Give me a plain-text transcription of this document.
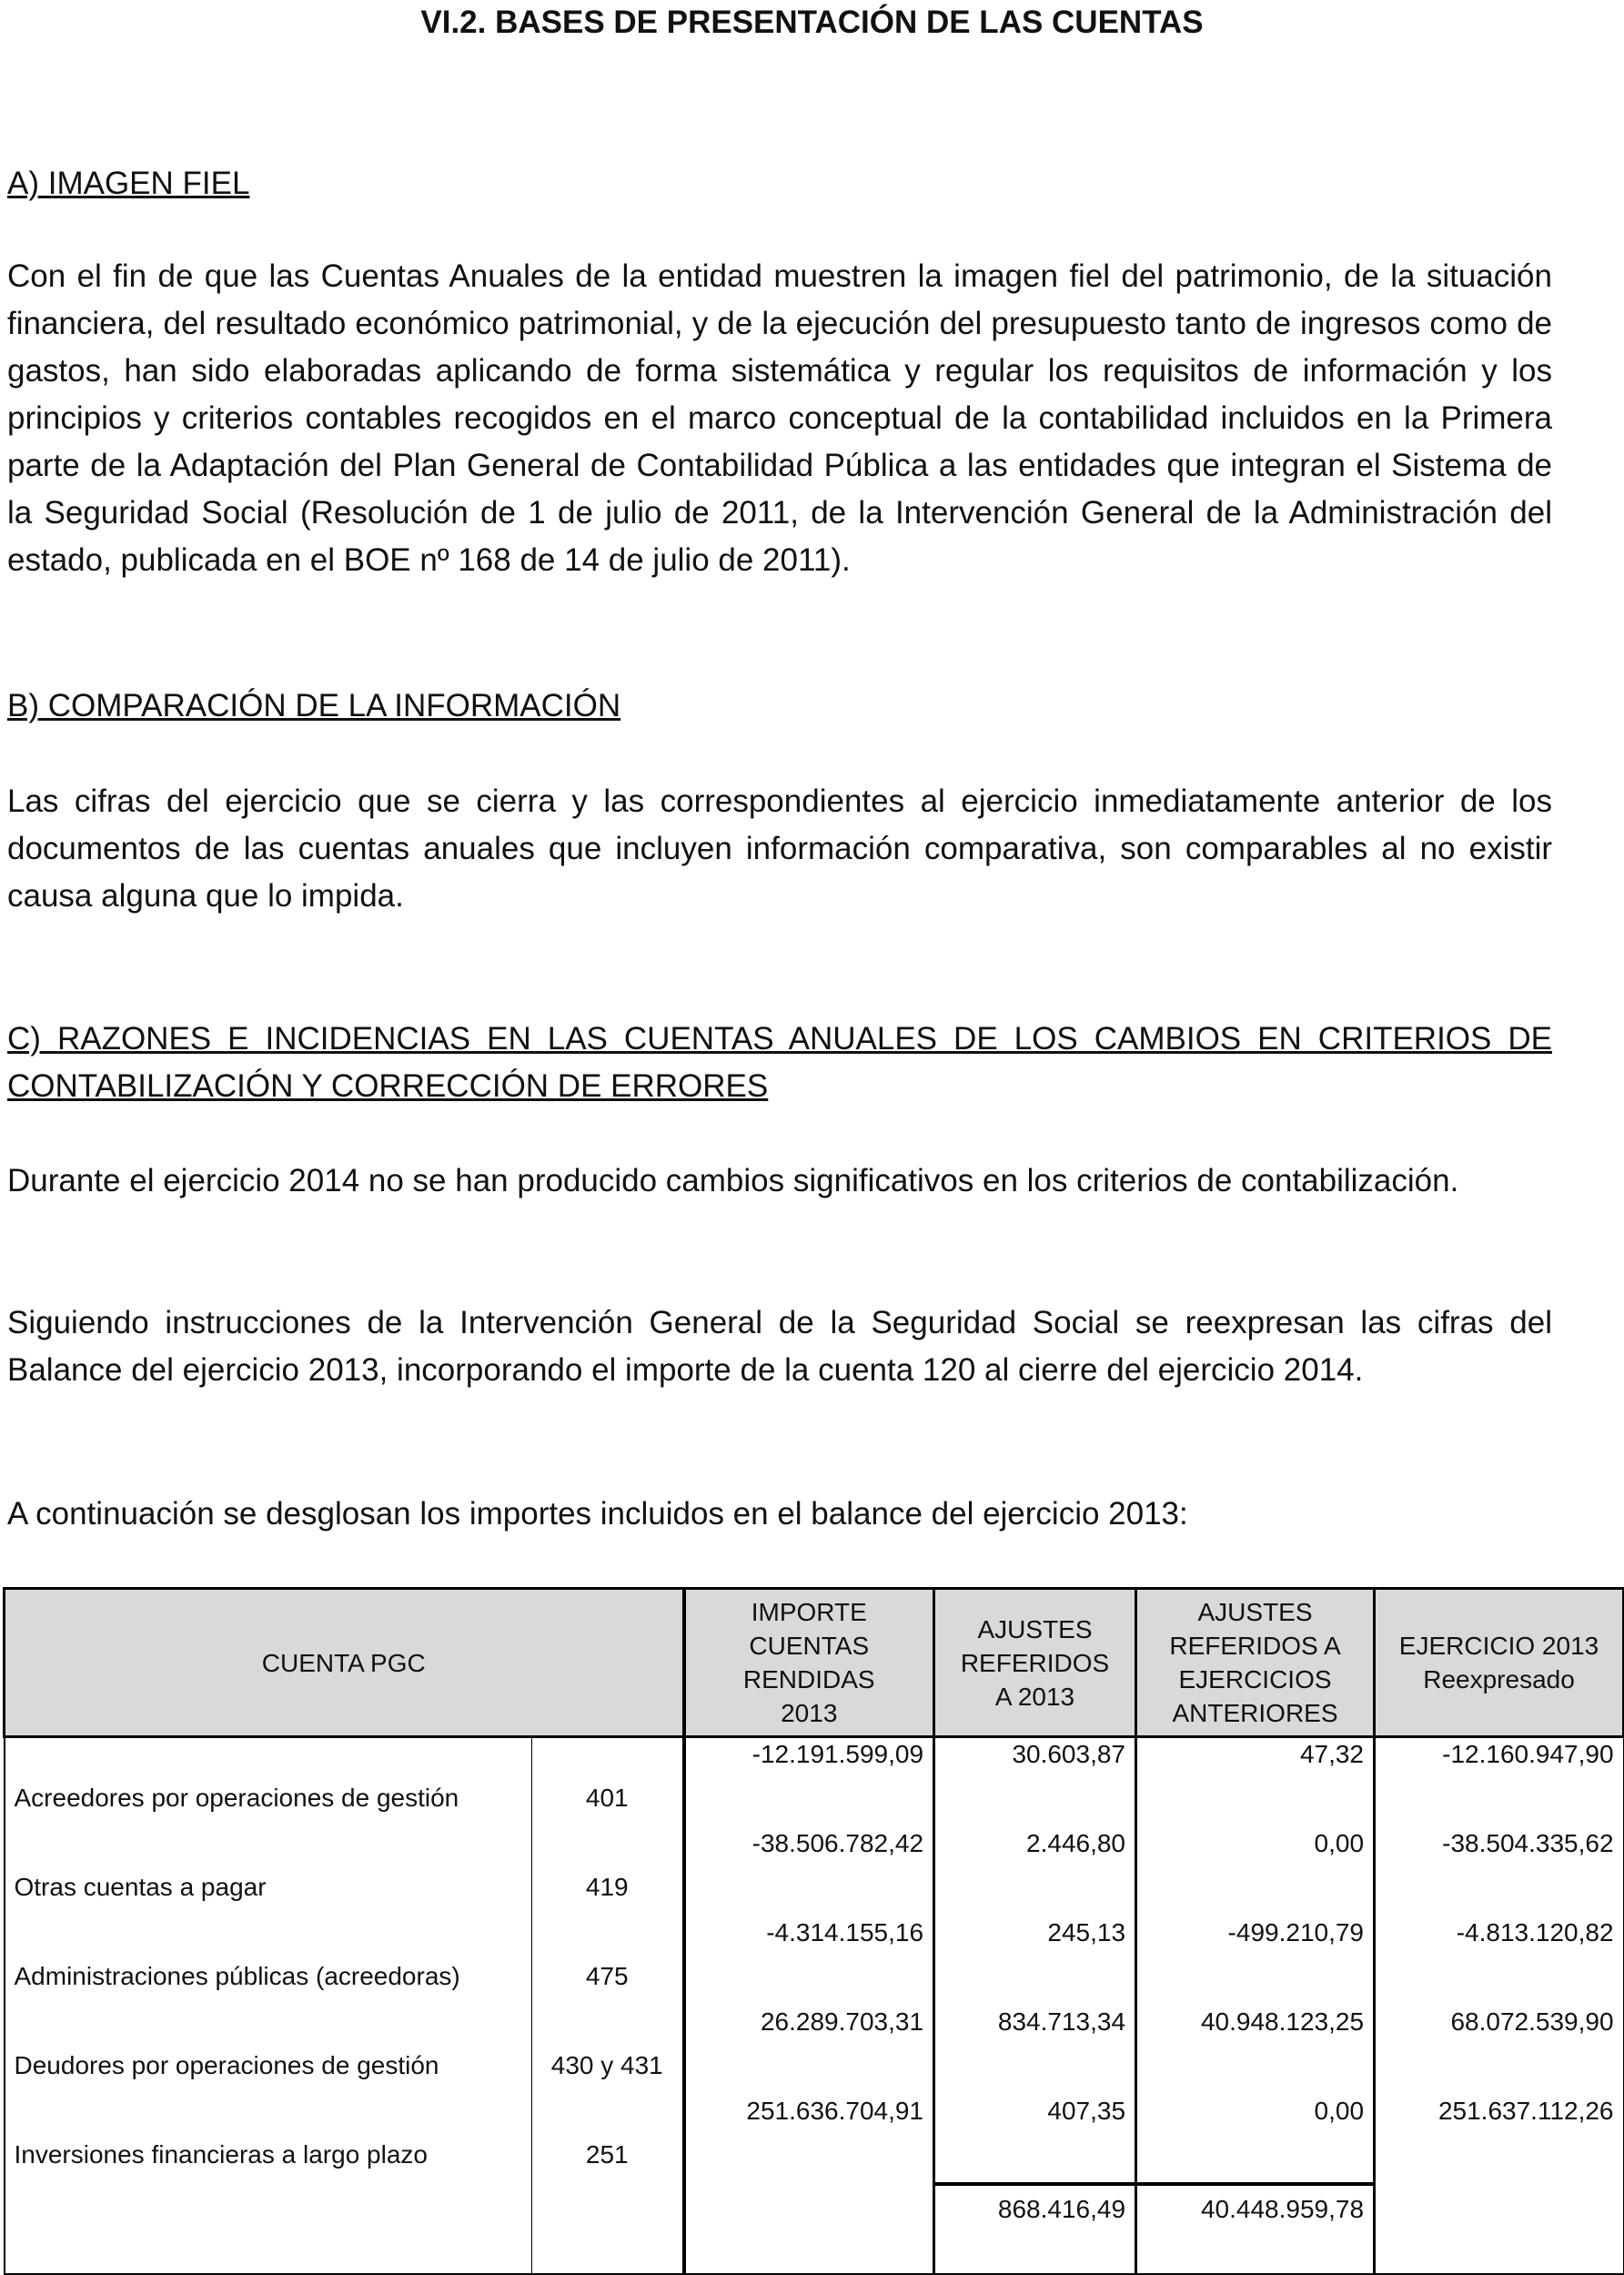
VI.2. BASES DE PRESENTACIÓN DE LAS CUENTAS
A) IMAGEN FIEL

Con el fin de que las Cuentas Anuales de la entidad muestren la imagen fiel del patrimonio, de la situación financiera, del resultado económico patrimonial, y de la ejecución del presupuesto tanto de ingresos como de gastos, han sido elaboradas aplicando de forma sistemática y regular los requisitos de información y los principios y criterios contables recogidos en el marco conceptual de la contabilidad incluidos en la Primera parte de la Adaptación del Plan General de Contabilidad Pública a las entidades que integran el Sistema de la Seguridad Social (Resolución de 1 de julio de 2011, de la Intervención General de la Administración del estado, publicada en el BOE nº 168 de 14 de julio de 2011).

B) COMPARACIÓN DE LA INFORMACIÓN

Las cifras del ejercicio que se cierra y las correspondientes al ejercicio inmediatamente anterior de los documentos de las cuentas anuales que incluyen información comparativa, son comparables al no existir causa alguna que lo impida.

C) RAZONES E INCIDENCIAS EN LAS CUENTAS ANUALES DE LOS CAMBIOS EN CRITERIOS DE CONTABILIZACIÓN Y CORRECCIÓN DE ERRORES

Durante el ejercicio 2014 no se han producido cambios significativos en los criterios de contabilización.

Siguiendo instrucciones de la Intervención General de la Seguridad Social se reexpresan las cifras del Balance del ejercicio 2013, incorporando el importe de la cuenta 120 al cierre del ejercicio 2014.

A continuación se desglosan los importes incluidos en el balance del ejercicio 2013:

CUENTA PGC		IMPORTE CUENTAS RENDIDAS 2013	AJUSTES REFERIDOS A 2013	AJUSTES REFERIDOS A EJERCICIOS ANTERIORES	EJERCICIO 2013 Reexpresado

Acreedores por operaciones de gestión	401	-12.191.599,09	30.603,87	47,32	-12.160.947,90
Otras cuentas a pagar	419	-38.506.782,42	2.446,80	0,00	-38.504.335,62
Administraciones públicas (acreedoras)	475	-4.314.155,16	245,13	-499.210,79	-4.813.120,82
Deudores por operaciones de gestión	430 y 431	26.289.703,31	834.713,34	40.948.123,25	68.072.539,90
Inversiones financieras a largo plazo	251	251.636.704,91	407,35	0,00	251.637.112,26
			868.416,49	40.448.959,78	
